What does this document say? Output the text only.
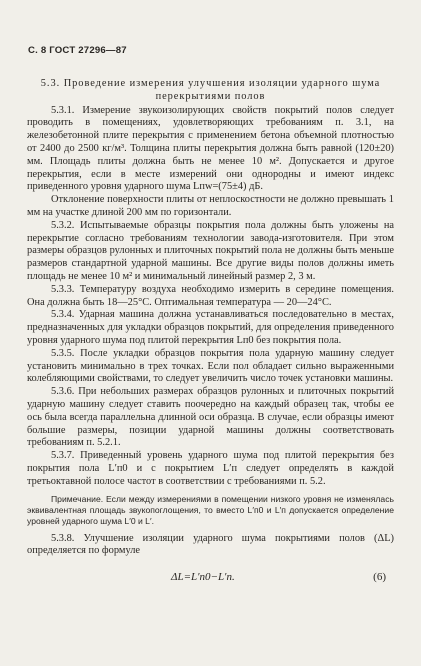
С. 8 ГОСТ 27296—87
5.3. Проведение измерения улучшения изоляции ударного шума перекрытиями полов

5.3.1. Измерение звукоизолирующих свойств покрытий полов следует проводить в помещениях, удовлетворяющих требованиям п. 3.1, на железобетонной плите перекрытия с применением бетона объемной плотностью от 2400 до 2500 кг/м³. Толщина плиты перекрытия должна быть равной (120±20) мм. Площадь плиты должна быть не менее 10 м². Допускается и другое перекрытия, если в месте измерений они однородны и имеют индекс приведенного уровня ударного шума Lпw=(75±4) дБ.

Отклонение поверхности плиты от неплоскостности не должно превышать 1 мм на участке длиной 200 мм по горизонтали.

5.3.2. Испытываемые образцы покрытия пола должны быть уложены на перекрытие согласно требованиям технологии завода-изготовителя. При этом размеры образцов рулонных и плиточных покрытий пола не должны быть меньше размеров стандартной ударной машины. Все другие виды полов должны иметь площадь не менее 10 м² и минимальный линейный размер 2, 3 м.

5.3.3. Температуру воздуха необходимо измерить в середине помещения. Она должна быть 18—25°С. Оптимальная температура — 20—24°С.

5.3.4. Ударная машина должна устанавливаться последовательно в местах, предназначенных для укладки образцов покрытий, для определения приведенного уровня ударного шума под плитой перекрытия Lп0 без покрытия пола.

5.3.5. После укладки образцов покрытия пола ударную машину следует установить минимально в трех точках. Если пол обладает сильно выраженными колебляющими свойствами, то следует увеличить число точек установки машины.

5.3.6. При небольших размерах образцов рулонных и плиточных покрытий ударную машину следует ставить поочередно на каждый образец так, чтобы ее ось была всегда параллельна длинной оси образца. В случае, если образцы имеют большие размеры, позиции ударной машины должны соответствовать требованиям п. 5.2.1.

5.3.7. Приведенный уровень ударного шума под плитой перекрытия без покрытия пола L′п0 и с покрытием L′п следует определять в каждой третьоктавной полосе частот в соответствии с требованиями п. 5.2.

Примечание. Если между измерениями в помещении низкого уровня не изменялась эквивалентная площадь звукопоглощения, то вместо L′п0 и L′п допускается определение уровней ударного шума L′0 и L′.

5.3.8. Улучшение изоляции ударного шума покрытиями полов (ΔL) определяется по формуле

ΔL=L′п0−L′п.	(6)
